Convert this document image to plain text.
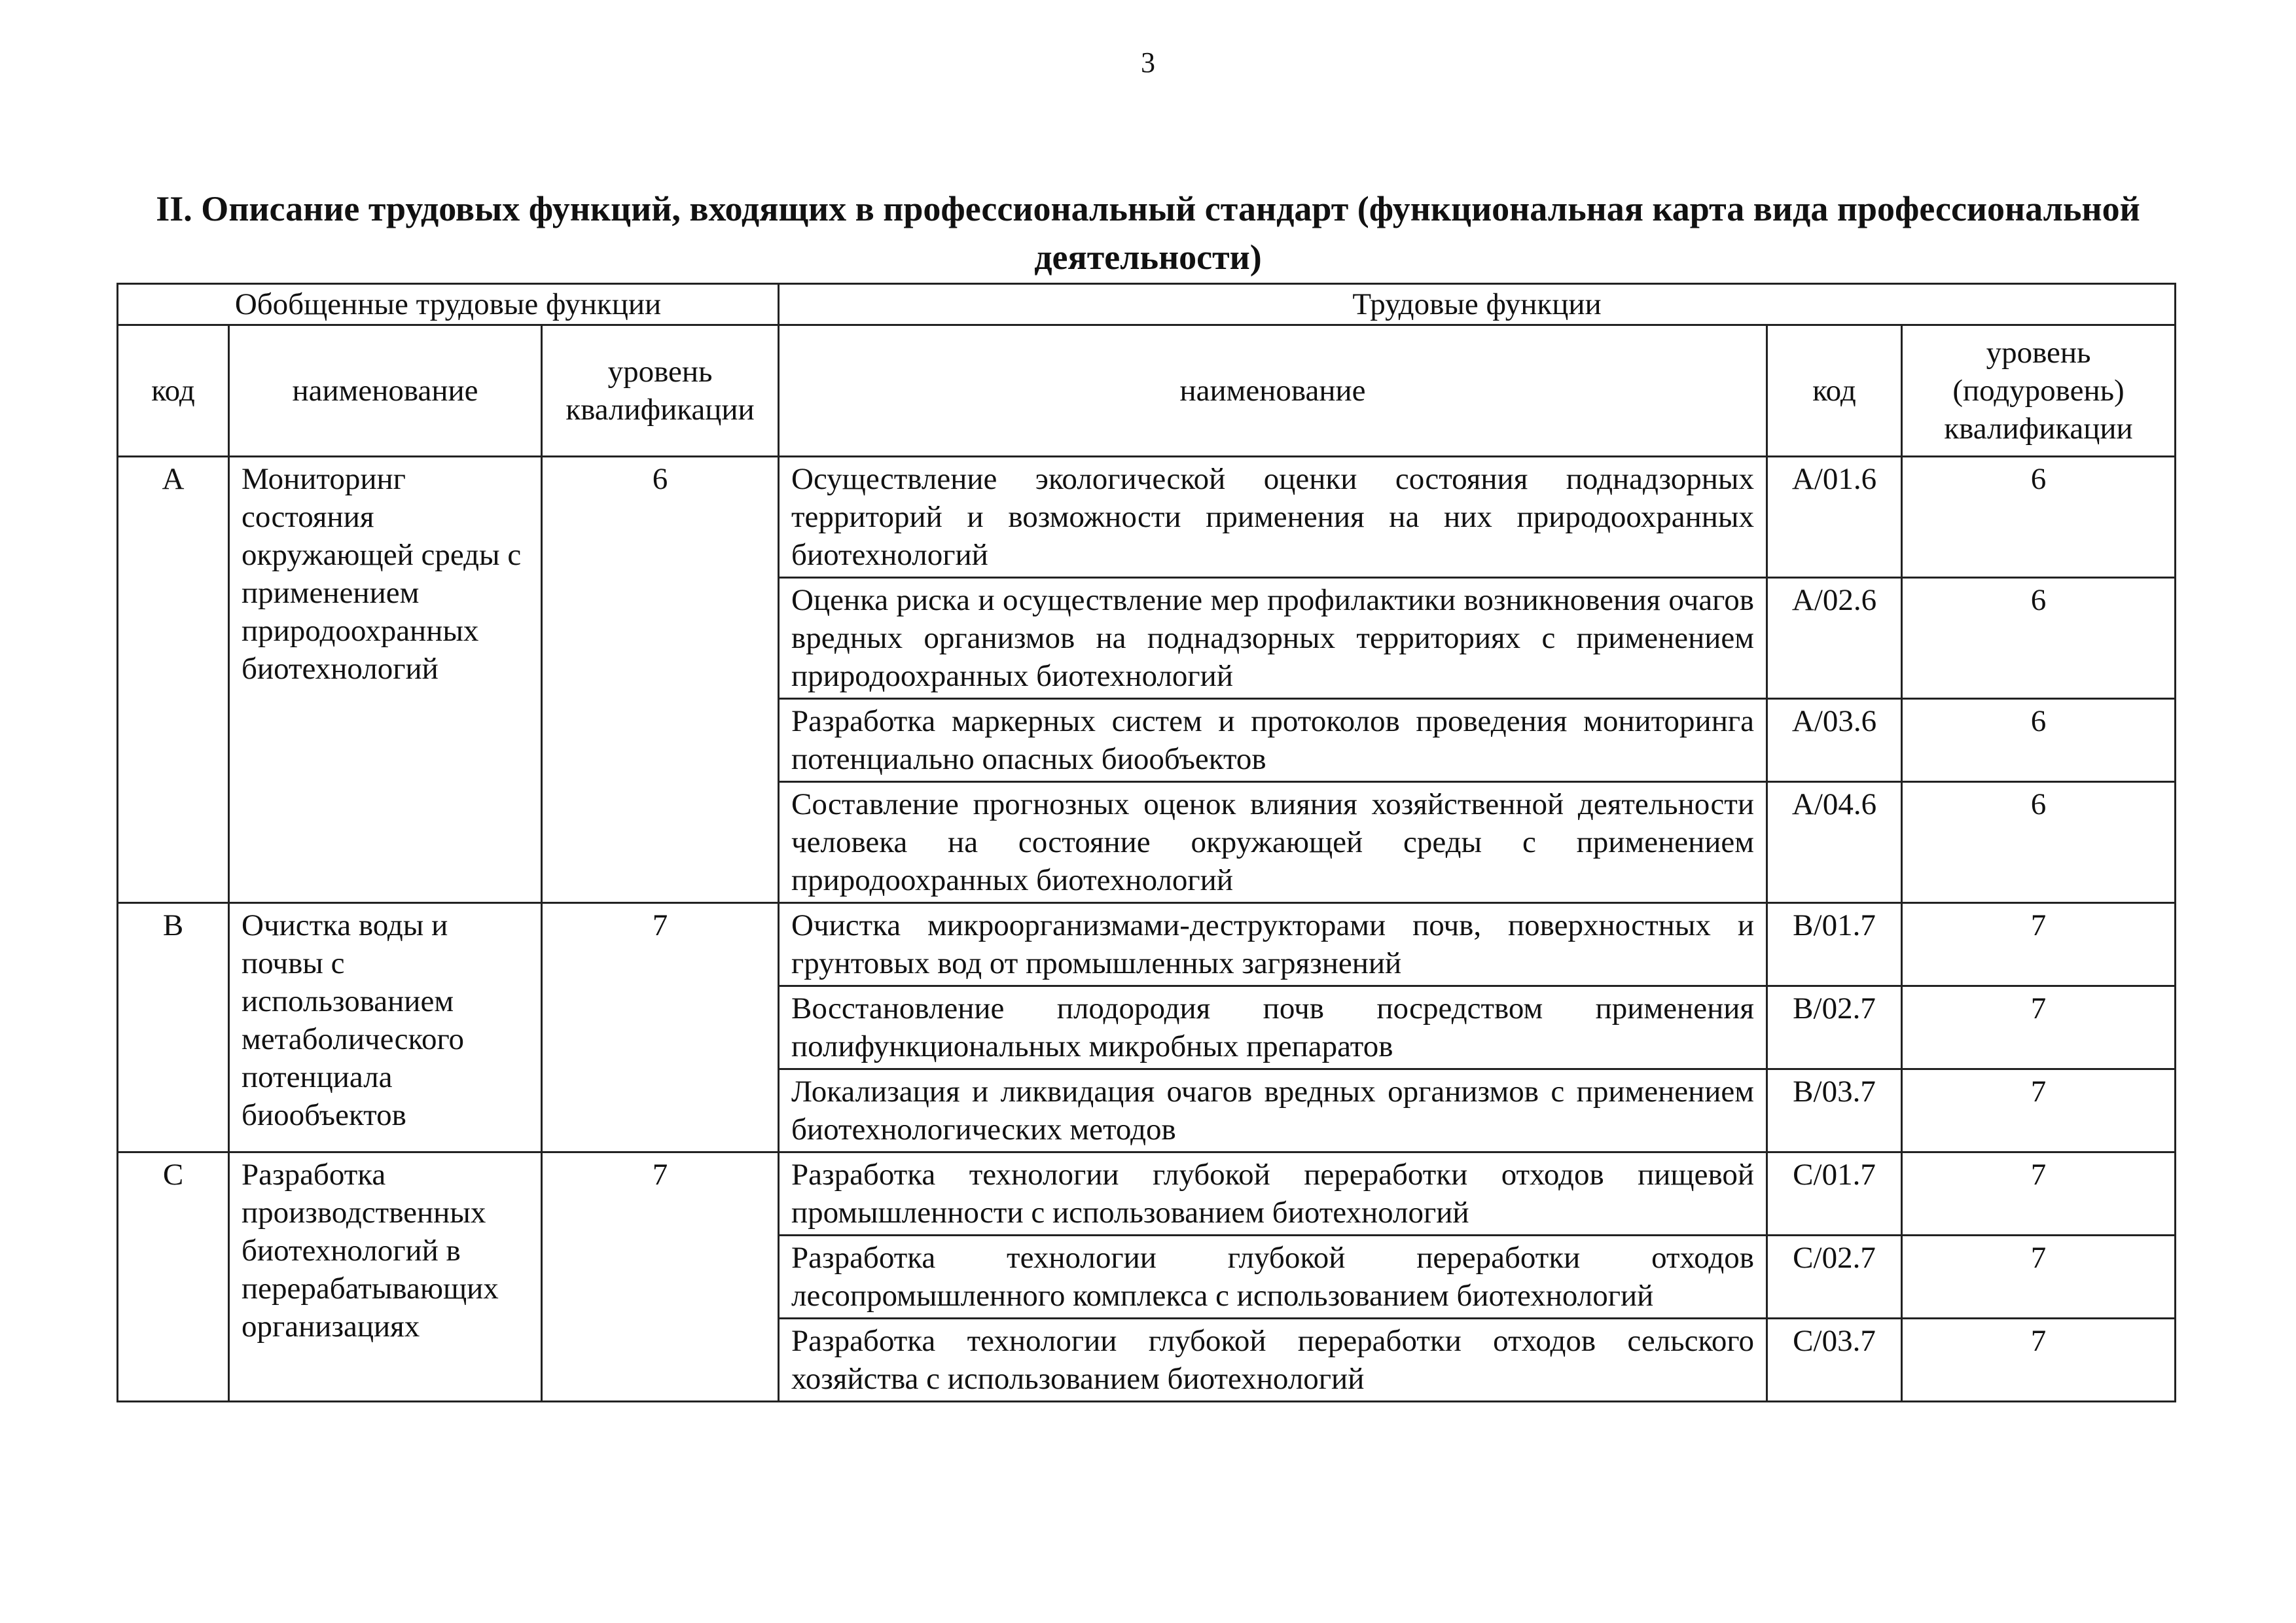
3
II. Описание трудовых функций, входящих в профессиональный стандарт (функциональная карта вида профессиональной деятельности)
Обобщенные трудовые функции			Трудовые функции		
код	наименование	уровень квалификации	наименование	код	уровень (подуровень) квалификации
A	Мониторинг состояния окружающей среды с применением природоохранных биотехнологий	6	Осуществление экологической оценки состояния поднадзорных территорий и возможности применения на них природоохранных биотехнологий	A/01.6	6
			Оценка риска и осуществление мер профилактики возникновения очагов вредных организмов на поднадзорных территориях с применением природоохранных биотехнологий	A/02.6	6
			Разработка маркерных систем и протоколов проведения мониторинга потенциально опасных биообъектов	A/03.6	6
			Составление прогнозных оценок влияния хозяйственной деятельности человека на состояние окружающей среды с применением природоохранных биотехнологий	A/04.6	6
B	Очистка воды и почвы с использованием метаболического потенциала биообъектов	7	Очистка микроорганизмами-деструкторами почв, поверхностных и грунтовых вод от промышленных загрязнений	B/01.7	7
			Восстановление плодородия почв посредством применения полифункциональных микробных препаратов	B/02.7	7
			Локализация и ликвидация очагов вредных организмов с применением биотехнологических методов	B/03.7	7
C	Разработка производственных биотехнологий в перерабатывающих организациях	7	Разработка технологии глубокой переработки отходов пищевой промышленности с использованием биотехнологий	C/01.7	7
			Разработка технологии глубокой переработки отходов лесопромышленного комплекса с использованием биотехнологий	C/02.7	7
			Разработка технологии глубокой переработки отходов сельского хозяйства с использованием биотехнологий	C/03.7	7
